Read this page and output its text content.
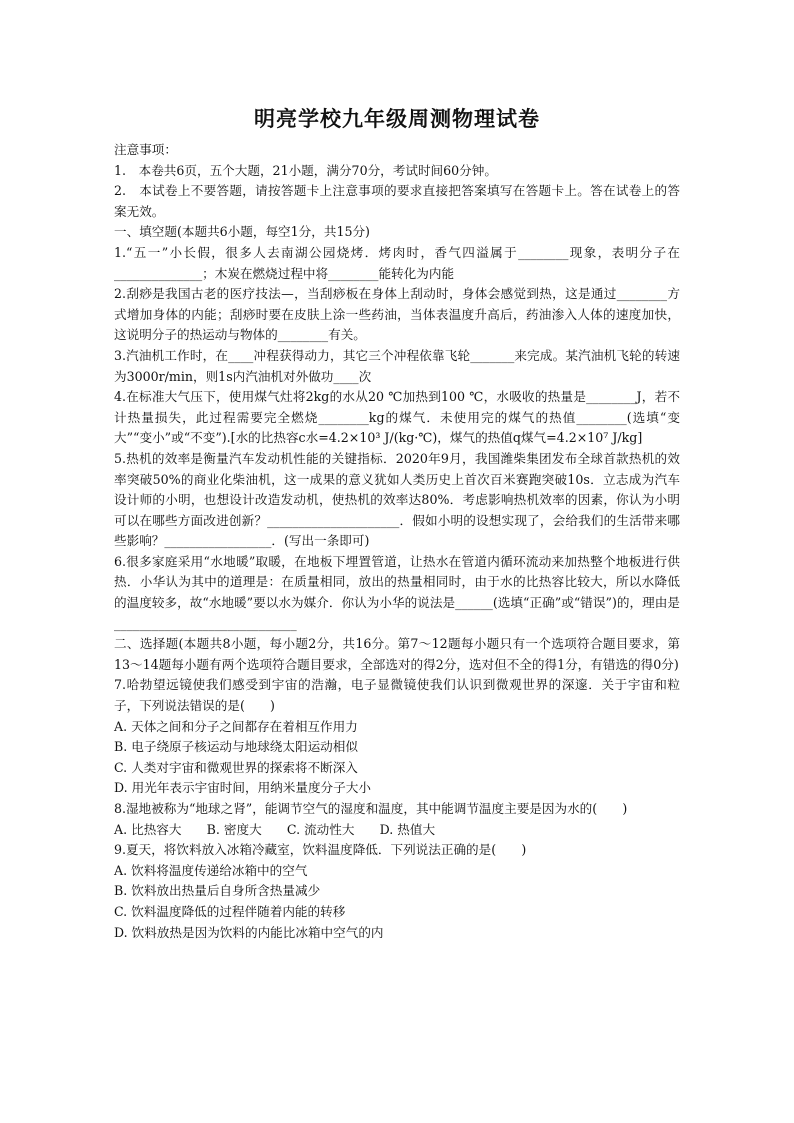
明亮学校九年级周测物理试卷

注意事项：

1.　本卷共6页，五个大题，21小题，满分70分，考试时间60分钟。

2.　本试卷上不要答题，请按答题卡上注意事项的要求直接把答案填写在答题卡上。答在试卷上的答案无效。

一、填空题(本题共6小题，每空1分，共15分)

1.“五一”小长假，很多人去南湖公园烧烤．烤肉时，香气四溢属于________现象，表明分子在______________；木炭在燃烧过程中将________能转化为内能

2.刮痧是我国古老的医疗技法—，当刮痧板在身体上刮动时，身体会感觉到热，这是通过________方式增加身体的内能；刮痧时要在皮肤上涂一些药油，当体表温度升高后，药油渗入人体的速度加快，这说明分子的热运动与物体的________有关。

3.汽油机工作时，在____冲程获得动力，其它三个冲程依靠飞轮_______来完成。某汽油机飞轮的转速为3000r/min，则1s内汽油机对外做功____次

4.在标准大气压下，使用煤气灶将2kg的水从20 ℃加热到100 ℃，水吸收的热量是________J，若不计热量损失，此过程需要完全燃烧________kg的煤气．未使用完的煤气的热值________(选填“变大”“变小”或“不变”).[水的比热容c水=4.2×10³ J/(kg·℃)，煤气的热值q煤气=4.2×10⁷ J/kg]

5.热机的效率是衡量汽车发动机性能的关键指标．2020年9月，我国潍柴集团发布全球首款热机的效率突破50%的商业化柴油机，这一成果的意义犹如人类历史上首次百米赛跑突破10s．立志成为汽车设计师的小明，也想设计改造发动机，使热机的效率达80%．考虑影响热机效率的因素，你认为小明可以在哪些方面改进创新？_____________________．假如小明的设想实现了，会给我们的生活带来哪些影响？_________________．(写出一条即可)

6.很多家庭采用“水地暖”取暖，在地板下埋置管道，让热水在管道内循环流动来加热整个地板进行供热．小华认为其中的道理是：在质量相同，放出的热量相同时，由于水的比热容比较大，所以水降低的温度较多，故“水地暖”要以水为媒介．你认为小华的说法是______(选填“正确”或“错误”)的，理由是_____________________________

二、选择题(本题共8小题，每小题2分，共16分。第7～12题每小题只有一个选项符合题目要求，第13～14题每小题有两个选项符合题目要求，全部选对的得2分，选对但不全的得1分，有错选的得0分)

7.哈勃望远镜使我们感受到宇宙的浩瀚，电子显微镜使我们认识到微观世界的深邃．关于宇宙和粒子，下列说法错误的是(　　)

A. 天体之间和分子之间都存在着相互作用力

B. 电子绕原子核运动与地球绕太阳运动相似

C. 人类对宇宙和微观世界的探索将不断深入

D. 用光年表示宇宙时间，用纳米量度分子大小

8.湿地被称为“地球之肾”，能调节空气的湿度和温度，其中能调节温度主要是因为水的(　　)

A. 比热容大　　B. 密度大　　C. 流动性大　　D. 热值大

9.夏天，将饮料放入冰箱冷藏室，饮料温度降低．下列说法正确的是(　　)

A. 饮料将温度传递给冰箱中的空气

B. 饮料放出热量后自身所含热量减少

C. 饮料温度降低的过程伴随着内能的转移

D. 饮料放热是因为饮料的内能比冰箱中空气的内
